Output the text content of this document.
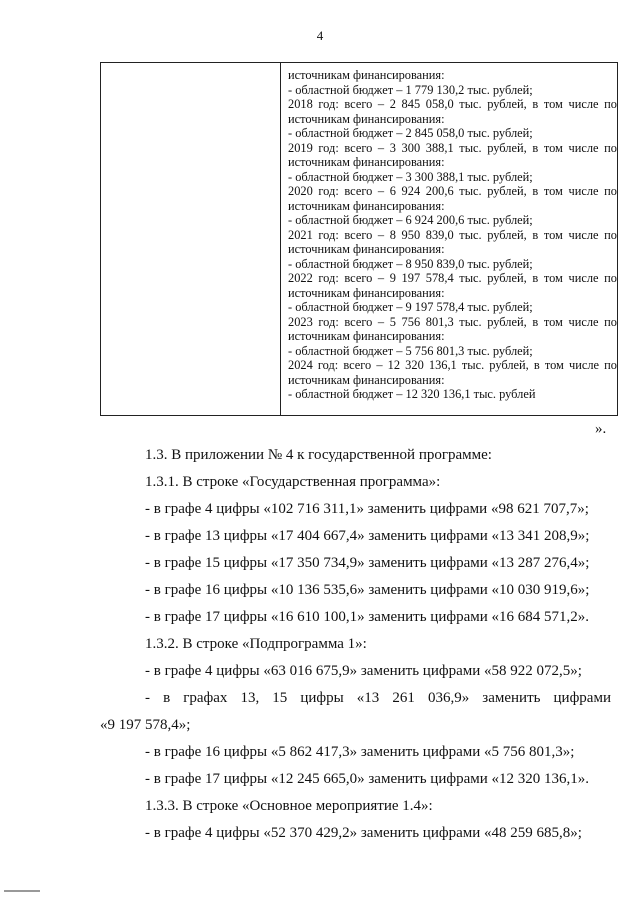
4
источникам финансирования:
- областной бюджет – 1 779 130,2 тыс. рублей;
2018 год: всего – 2 845 058,0 тыс. рублей, в том числе по
источникам финансирования:
- областной бюджет – 2 845 058,0 тыс. рублей;
2019 год: всего – 3 300 388,1 тыс. рублей, в том числе по
источникам финансирования:
- областной бюджет – 3 300 388,1 тыс. рублей;
2020 год: всего – 6 924 200,6 тыс. рублей, в том числе по
источникам финансирования:
- областной бюджет – 6 924 200,6 тыс. рублей;
2021 год: всего – 8 950 839,0 тыс. рублей, в том числе по
источникам финансирования:
- областной бюджет – 8 950 839,0 тыс. рублей;
2022 год: всего – 9 197 578,4 тыс. рублей, в том числе по
источникам финансирования:
- областной бюджет – 9 197 578,4 тыс. рублей;
2023 год: всего – 5 756 801,3 тыс. рублей, в том числе по
источникам финансирования:
- областной бюджет – 5 756 801,3 тыс. рублей;
2024 год: всего – 12 320 136,1 тыс. рублей, в том числе по
источникам финансирования:
- областной бюджет – 12 320 136,1 тыс. рублей
».
1.3. В приложении № 4 к государственной программе:
1.3.1. В строке «Государственная программа»:
- в графе 4 цифры «102 716 311,1» заменить цифрами «98 621 707,7»;
- в графе 13 цифры «17 404 667,4» заменить цифрами «13 341 208,9»;
- в графе 15 цифры «17 350 734,9» заменить цифрами «13 287 276,4»;
- в графе 16 цифры «10 136 535,6» заменить цифрами «10 030 919,6»;
- в графе 17 цифры «16 610 100,1» заменить цифрами «16 684 571,2».
1.3.2. В строке «Подпрограмма 1»:
- в графе 4 цифры «63 016 675,9» заменить цифрами «58 922 072,5»;
- в графах 13, 15 цифры «13 261 036,9» заменить цифрами
«9 197 578,4»;
- в графе 16 цифры «5 862 417,3» заменить цифрами «5 756 801,3»;
- в графе 17 цифры «12 245 665,0» заменить цифрами «12 320 136,1».
1.3.3. В строке «Основное мероприятие 1.4»:
- в графе 4 цифры «52 370 429,2» заменить цифрами «48 259 685,8»;
